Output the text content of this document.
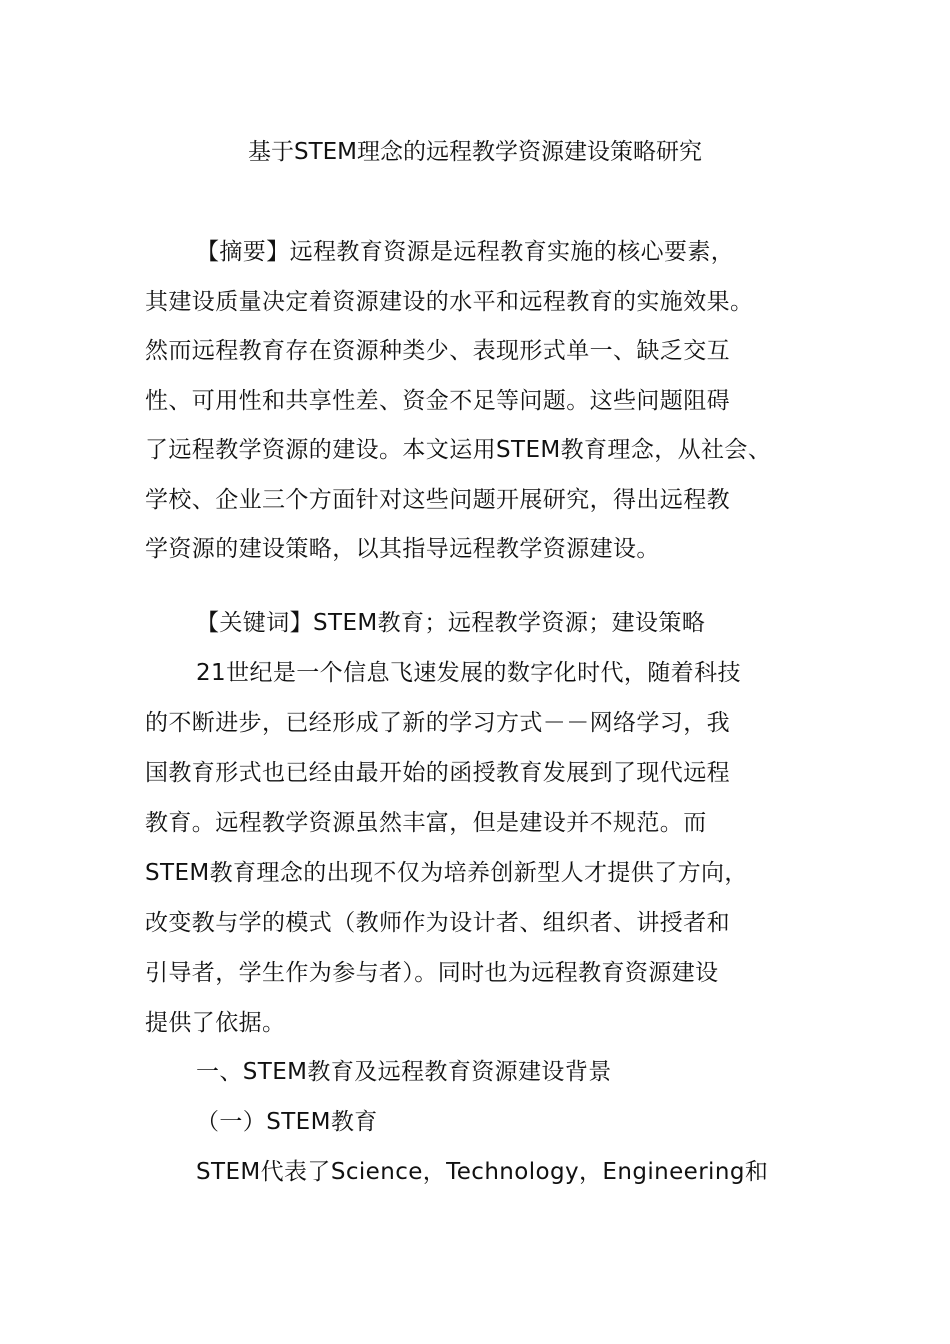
基于STEM理念的远程教学资源建设策略研究
【摘要】远程教育资源是远程教育实施的核心要素，
其建设质量决定着资源建设的水平和远程教育的实施效果。
然而远程教育存在资源种类少、表现形式单一、缺乏交互
性、可用性和共享性差、资金不足等问题。这些问题阻碍
了远程教学资源的建设。本文运用STEM教育理念，从社会、
学校、企业三个方面针对这些问题开展研究，得出远程教
学资源的建设策略，以其指导远程教学资源建设。
【关键词】STEM教育；远程教学资源；建设策略
21世纪是一个信息飞速发展的数字化时代，随着科技
的不断进步，已经形成了新的学习方式－－网络学习，我
国教育形式也已经由最开始的函授教育发展到了现代远程
教育。远程教学资源虽然丰富，但是建设并不规范。而
STEM教育理念的出现不仅为培养创新型人才提供了方向，
改变教与学的模式（教师作为设计者、组织者、讲授者和
引导者，学生作为参与者）。同时也为远程教育资源建设
提供了依据。
一、STEM教育及远程教育资源建设背景
（一）STEM教育
STEM代表了Science，Technology，Engineering和
